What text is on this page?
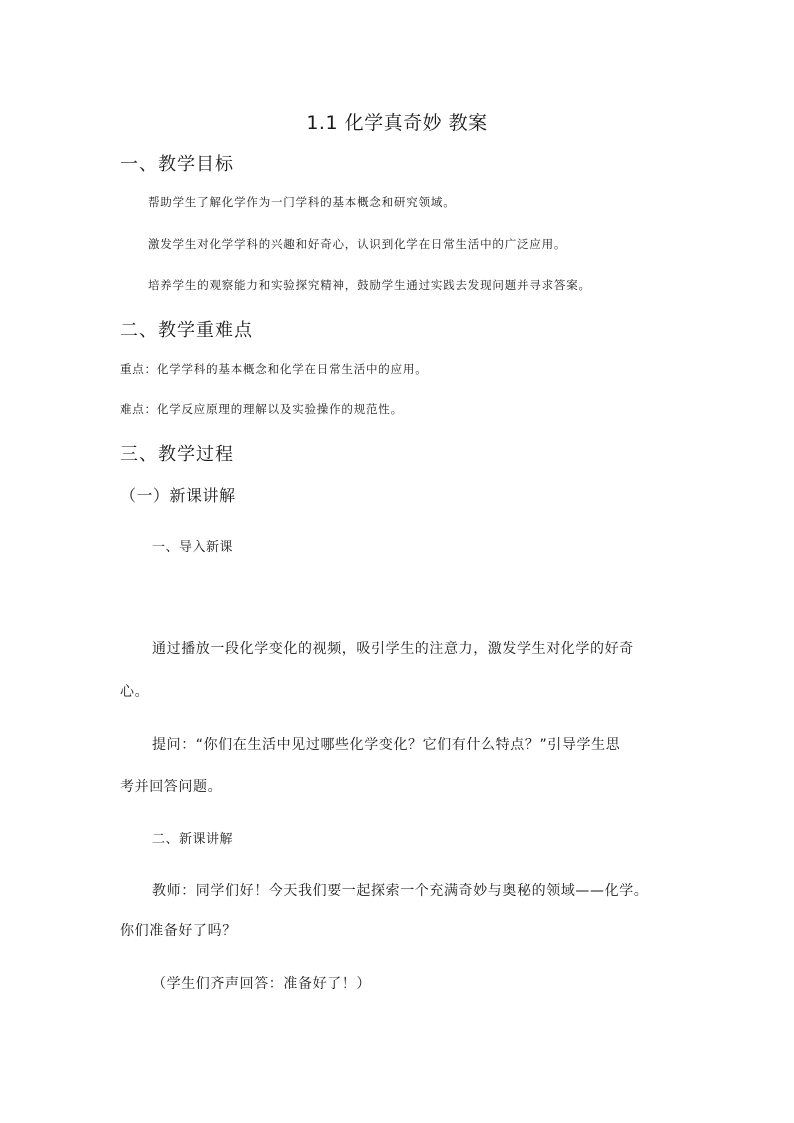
1.1 化学真奇妙 教案
一、教学目标
帮助学生了解化学作为一门学科的基本概念和研究领域。
激发学生对化学学科的兴趣和好奇心，认识到化学在日常生活中的广泛应用。
培养学生的观察能力和实验探究精神，鼓励学生通过实践去发现问题并寻求答案。
二、教学重难点
重点：化学学科的基本概念和化学在日常生活中的应用。
难点：化学反应原理的理解以及实验操作的规范性。
三、教学过程
（一）新课讲解
一、导入新课
通过播放一段化学变化的视频，吸引学生的注意力，激发学生对化学的好奇
心。
提问：“你们在生活中见过哪些化学变化？它们有什么特点？”引导学生思
考并回答问题。
二、新课讲解
教师：同学们好！今天我们要一起探索一个充满奇妙与奥秘的领域——化学。
你们准备好了吗？
（学生们齐声回答：准备好了！）
